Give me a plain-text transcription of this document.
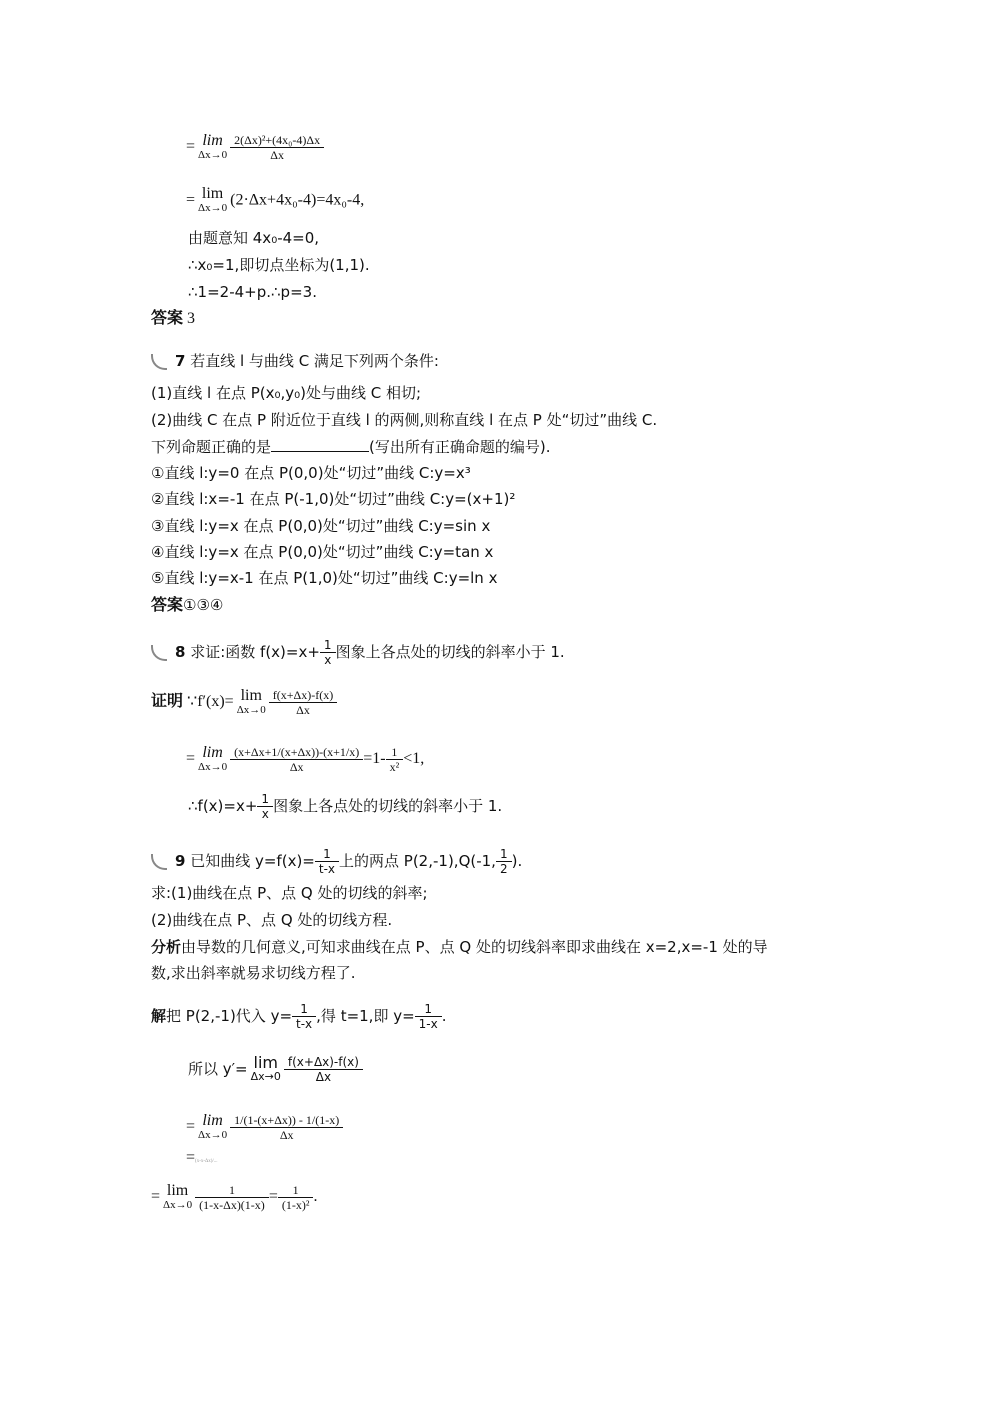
= lim
$\Delta x\to 0 \frac{\text{2(Δx)²+(4x₀-4)Δx}}{\Delta x}$
= lim
Δx→0 (2·Δx+4x₀-4)=4x₀-4,
由题意知 4x₀-4=0,
∴x₀=1,即切点坐标为(1,1).
∴1=2-4+p.∴p=3.
答案 3
7 若直线 l 与曲线 C 满足下列两个条件:
(1)直线 l 在点 P(x₀,y₀)处与曲线 C 相切;
(2)曲线 C 在点 P 附近位于直线 l 的两侧,则称直线 l 在点 P 处“切过”曲线 C.
下列命题正确的是	(写出所有正确命题的编号).
①直线 l:y=0 在点 P(0,0)处“切过”曲线 C:y=x³
②直线 l:x=-1 在点 P(-1,0)处“切过”曲线 C:y=(x+1)²
③直线 l:y=x 在点 P(0,0)处“切过”曲线 C:y=sin x
④直线 l:y=x 在点 P(0,0)处“切过”曲线 C:y=tan x
⑤直线 l:y=x-1 在点 P(1,0)处“切过”曲线 C:y=ln x
答案①③④
8 求证:函数 $f(x)=x+ \frac{1}{x}$ 图象上各点处的切线的斜率小于 1.
证明 ∵f′(x)= lim
$\Delta x\to 0 \frac{f(x+\Delta x)-f(x)}{\Delta x}$
= lim
$\Delta x\to 0 \frac{(x+\Delta x+1/(x+\Delta x))-(x+1/x)}{\Delta x} =1- \frac{1}{\text{x²}} <1$,
∴f(x)=x+ $\frac{1}{x}$ 图象上各点处的切线的斜率小于 1.
9 已知曲线 $y=f(x)= \frac{1}{t-x}$ 上的两点 P(2,-1),Q(-1, $\frac{1}{2}$ ).
求:(1)曲线在点 P、点 Q 处的切线的斜率;
(2)曲线在点 P、点 Q 处的切线方程.
分析由导数的几何意义,可知求曲线在点 P、点 Q 处的切线斜率即求曲线在 x=2,x=-1 处的导
数,求出斜率就易求切线方程了.
解把 P(2,-1)代入 $y= \frac{1}{t-x}$ ,得 t=1,即 $y= \frac{1}{1-x}$ .
所以 y′= lim
$\Delta x\to 0 \frac{f(x+\Delta x)-f(x)}{\Delta x}$
= lim
$\Delta x\to 0 \frac{1/(1-(x+\Delta x)) - 1/(1-x)}{\Delta x}$
=(x-x-Δx)/...
= lim
$\Delta x\to 0 \frac{1}{(1-x-\Delta x)(1-x)} = \frac{1}{\text{(1-x)²}}$ .
